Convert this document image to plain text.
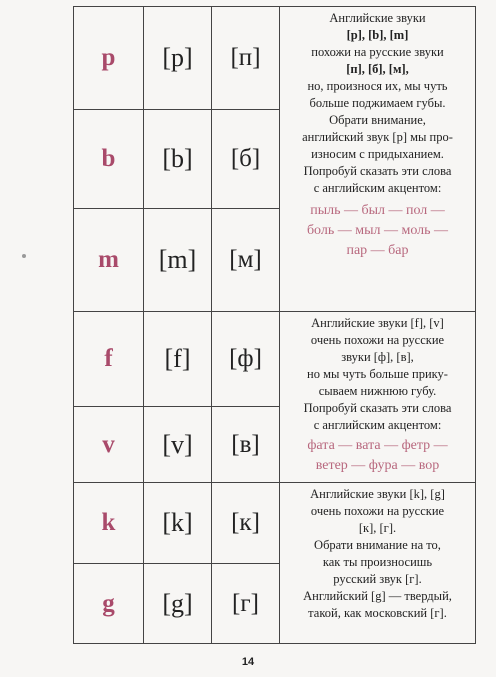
p	[p]	[п]
b	[b]	[б]
m	[m]	[м]
f	[f]	[ф]
v	[v]	[в]
k	[k]	[к]
g	[g]	[г]
Английские звуки
[p], [b], [m]
похожи на русские звуки
[п], [б], [м],
но, произнося их, мы чуть
больше поджимаем губы.
Обрати внимание,
английский звук [p] мы про-
износим с придыханием.
Попробуй сказать эти слова
с английским акцентом:
пыль — был — пол —
боль — мыл — моль —
пар — бар
Английские звуки [f], [v]
очень похожи на русские
звуки [ф], [в],
но мы чуть больше прику-
сываем нижнюю губу.
Попробуй сказать эти слова
с английским акцентом:
фата — вата — фетр —
ветер — фура — вор
Английские звуки [k], [g]
очень похожи на русские
[к], [г].
Обрати внимание на то,
как ты произносишь
русский звук [г].
Английский [g] — твердый,
такой, как московский [г].
14
